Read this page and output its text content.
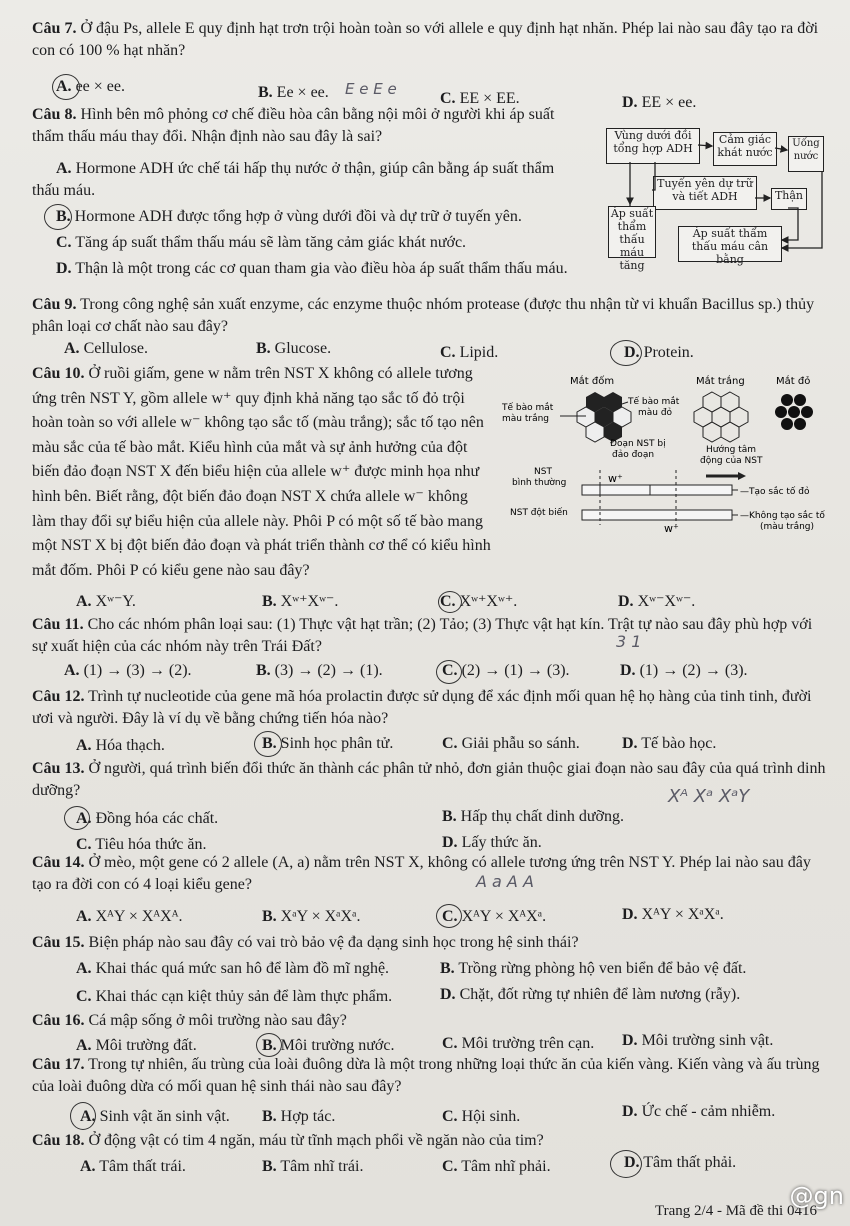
Câu 7. Ở đậu Ps, allele E quy định hạt trơn trội hoàn toàn so với allele e quy định hạt nhăn. Phép lai nào sau đây tạo ra đời con có 100 % hạt nhăn?
A. ee × ee.	B. Ee × ee. E e E e
C. EE × EE.	D. EE × ee.
Câu 8. Hình bên mô phỏng cơ chế điều hòa cân bằng nội môi ở người khi áp suất thẩm thấu máu thay đổi. Nhận định nào sau đây là sai?
A. Hormone ADH ức chế tái hấp thụ nước ở thận, giúp cân bằng áp suất thẩm thấu máu.
B. Hormone ADH được tổng hợp ở vùng dưới đồi và dự trữ ở tuyến yên.
C. Tăng áp suất thẩm thấu máu sẽ làm tăng cảm giác khát nước.
D. Thận là một trong các cơ quan tham gia vào điều hòa áp suất thẩm thấu máu.
Vùng dưới đồi tổng hợp ADH
Cảm giác khát nước
Uống nước
Tuyến yên dự trữ và tiết ADH	Thận
Áp suất thẩm thấu máu tăng
Áp suất thẩm thấu máu cân bằng
Câu 9. Trong công nghệ sản xuất enzyme, các enzyme thuộc nhóm protease (được thu nhận từ vi khuẩn Bacillus sp.) thủy phân loại cơ chất nào sau đây?
A. Cellulose.	B. Glucose.	C. Lipid.	D. Protein.
Câu 10. Ở ruồi giấm, gene w nằm trên NST X không có allele tương ứng trên NST Y, gồm allele w⁺ quy định khả năng tạo sắc tố đỏ trội hoàn toàn so với allele w⁻ không tạo sắc tố (màu trắng); sắc tố tạo nên màu sắc của tế bào mắt. Kiểu hình của mắt và sự ảnh hưởng của đột biến đảo đoạn NST X đến biểu hiện của allele w⁺ được minh họa như hình bên. Biết rằng, đột biến đảo đoạn NST X chứa allele w⁻ không làm thay đổi sự biểu hiện của allele này. Phôi P có một số tế bào mang một NST X bị đột biến đảo đoạn và phát triển thành cơ thể có kiểu hình mắt đốm. Phôi P có kiểu gene nào sau đây?
A. Xʷ⁻Y.	B. Xʷ⁺Xʷ⁻.	C. Xʷ⁺Xʷ⁺.	D. Xʷ⁻Xʷ⁻.
Mắt đốm	Mắt trắng	Mắt đỏ
Tế bào mắt màu trắng
Tế bào mắt màu đỏ
Đoạn NST bị đảo đoạn	Hướng tâm động của NST
NST bình thường
NST đột biến
w⁺
w⁺
—Tạo sắc tố đỏ
—Không tạo sắc tố (màu trắng)
Câu 11. Cho các nhóm phân loại sau: (1) Thực vật hạt trần; (2) Tảo; (3) Thực vật hạt kín. Trật tự nào sau đây phù hợp với sự xuất hiện của các nhóm này trên Trái Đất?	3 1
A. (1) → (3) → (2).	B. (3) → (2) → (1).	C. (2) → (1) → (3).	D. (1) → (2) → (3).
Câu 12. Trình tự nucleotide của gene mã hóa prolactin được sử dụng để xác định mối quan hệ họ hàng của tinh tinh, đười ươi và người. Đây là ví dụ về bằng chứng tiến hóa nào?
A. Hóa thạch.	B. Sinh học phân tử.	C. Giải phẫu so sánh.	D. Tế bào học.
Câu 13. Ở người, quá trình biến đổi thức ăn thành các phân tử nhỏ, đơn giản thuộc giai đoạn nào sau đây của quá trình dinh dưỡng?
A. Đồng hóa các chất.	B. Hấp thụ chất dinh dưỡng.
C. Tiêu hóa thức ăn.	D. Lấy thức ăn.
Xᴬ Xᵃ XᵃY
Câu 14. Ở mèo, một gene có 2 allele (A, a) nằm trên NST X, không có allele tương ứng trên NST Y. Phép lai nào sau đây tạo ra đời con có 4 loại kiểu gene?	A a A A
A. XᴬY × XᴬXᴬ.	B. XᵃY × XᵃXᵃ.	C. XᴬY × XᴬXᵃ.	D. XᴬY × XᵃXᵃ.
Câu 15. Biện pháp nào sau đây có vai trò bảo vệ đa dạng sinh học trong hệ sinh thái?
A. Khai thác quá mức san hô để làm đồ mĩ nghệ.	B. Trồng rừng phòng hộ ven biển để bảo vệ đất.
C. Khai thác cạn kiệt thủy sản để làm thực phẩm.	D. Chặt, đốt rừng tự nhiên để làm nương (rẫy).
Câu 16. Cá mập sống ở môi trường nào sau đây?
A. Môi trường đất.	B. Môi trường nước.	C. Môi trường trên cạn. D. Môi trường sinh vật.
Câu 17. Trong tự nhiên, ấu trùng của loài đuông dừa là một trong những loại thức ăn của kiến vàng. Kiến vàng và ấu trùng của loài đuông dừa có mối quan hệ sinh thái nào sau đây?
A. Sinh vật ăn sinh vật. B. Hợp tác.	C. Hội sinh.	D. Ức chế - cảm nhiễm.
Câu 18. Ở động vật có tim 4 ngăn, máu từ tĩnh mạch phổi về ngăn nào của tim?
A. Tâm thất trái.	B. Tâm nhĩ trái.	C. Tâm nhĩ phải.	D. Tâm thất phải.
Trang 2/4 - Mã đề thi 0416
@gn
